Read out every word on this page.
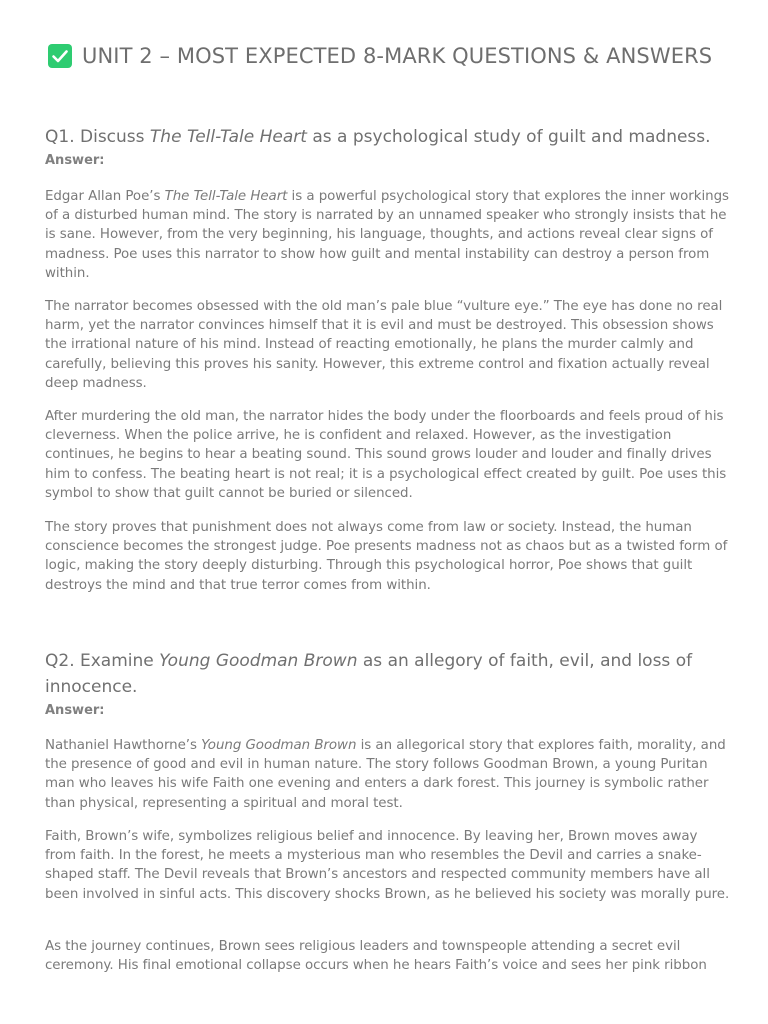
UNIT 2 – MOST EXPECTED 8-MARK QUESTIONS & ANSWERS
Q1. Discuss The Tell-Tale Heart as a psychological study of guilt and madness.

Answer:

Edgar Allan Poe’s The Tell-Tale Heart is a powerful psychological story that explores the inner workings of a disturbed human mind. The story is narrated by an unnamed speaker who strongly insists that he is sane. However, from the very beginning, his language, thoughts, and actions reveal clear signs of madness. Poe uses this narrator to show how guilt and mental instability can destroy a person from within.

The narrator becomes obsessed with the old man’s pale blue “vulture eye.” The eye has done no real harm, yet the narrator convinces himself that it is evil and must be destroyed. This obsession shows the irrational nature of his mind. Instead of reacting emotionally, he plans the murder calmly and carefully, believing this proves his sanity. However, this extreme control and fixation actually reveal deep madness.

After murdering the old man, the narrator hides the body under the floorboards and feels proud of his cleverness. When the police arrive, he is confident and relaxed. However, as the investigation continues, he begins to hear a beating sound. This sound grows louder and louder and finally drives him to confess. The beating heart is not real; it is a psychological effect created by guilt. Poe uses this symbol to show that guilt cannot be buried or silenced.

The story proves that punishment does not always come from law or society. Instead, the human conscience becomes the strongest judge. Poe presents madness not as chaos but as a twisted form of logic, making the story deeply disturbing. Through this psychological horror, Poe shows that guilt destroys the mind and that true terror comes from within.

Q2. Examine Young Goodman Brown as an allegory of faith, evil, and loss of innocence.

Answer:

Nathaniel Hawthorne’s Young Goodman Brown is an allegorical story that explores faith, morality, and the presence of good and evil in human nature. The story follows Goodman Brown, a young Puritan man who leaves his wife Faith one evening and enters a dark forest. This journey is symbolic rather than physical, representing a spiritual and moral test.

Faith, Brown’s wife, symbolizes religious belief and innocence. By leaving her, Brown moves away from faith. In the forest, he meets a mysterious man who resembles the Devil and carries a snake-shaped staff. The Devil reveals that Brown’s ancestors and respected community members have all been involved in sinful acts. This discovery shocks Brown, as he believed his society was morally pure.

As the journey continues, Brown sees religious leaders and townspeople attending a secret evil ceremony. His final emotional collapse occurs when he hears Faith’s voice and sees her pink ribbon
